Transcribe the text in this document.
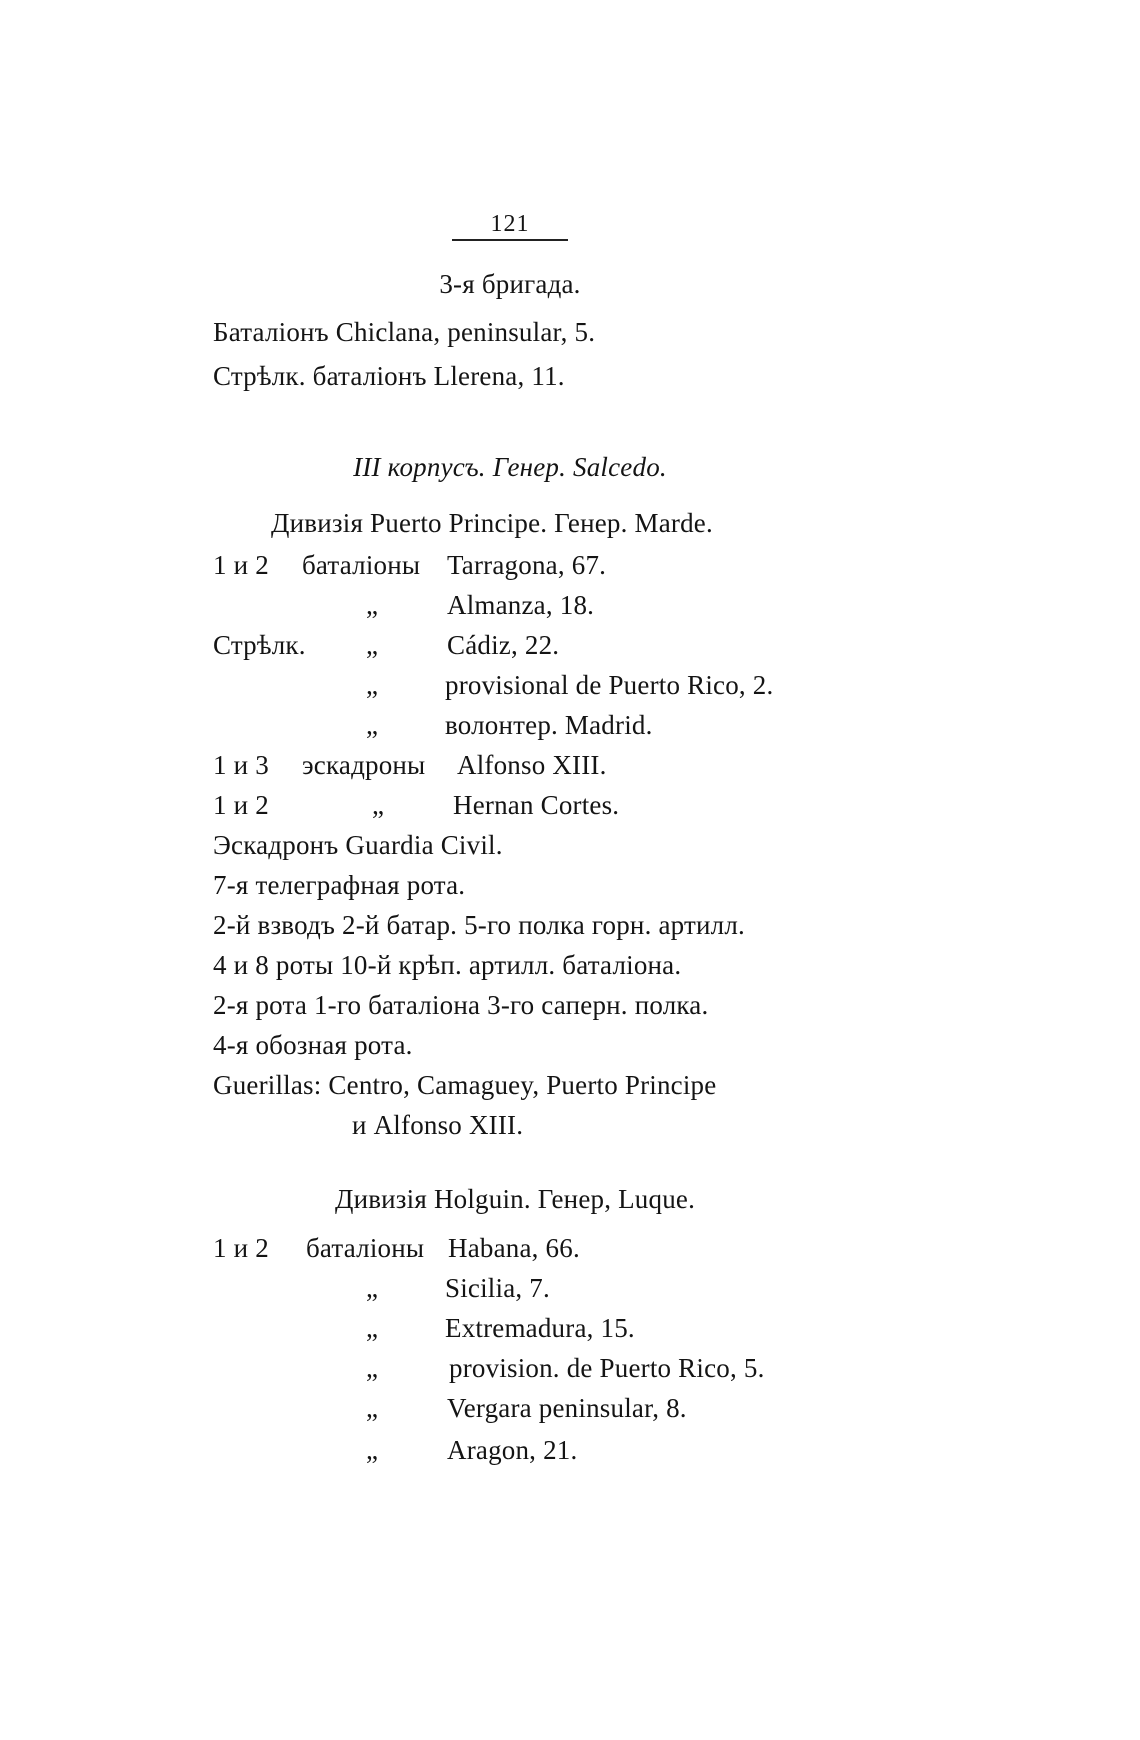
121
3-я бригада.
Баталіонъ Chiclana, peninsular, 5.
Стрѣлк. баталіонъ Llerena, 11.
III корпусъ. Генер. Salcedo.
Дивизія Puerto Principe. Генер. Marde.
1 и 2 баталіоны Tarragona, 67.
„	Almanza, 18.
Стрѣлк. „	Cádiz, 22.
„ provisional de Puerto Rico, 2.
„ волонтер. Madrid.
1 и 3 эскадроны Alfonso XIII.
1 и 2	„	Hernan Cortes.
Эскадронъ Guardia Civil.
7-я телеграфная рота.
2-й взводъ 2-й батар. 5-го полка горн. артилл.
4 и 8 роты 10-й крѣп. артилл. баталіона.
2-я рота 1-го баталіона 3-го саперн. полка.
4-я обозная рота.
Guerillas: Centro, Camaguey, Puerto Principe
и Alfonso XIII.
Дивизія Holguin. Генер, Luque.
1 и 2 баталіоны Habana, 66.
„ Sicilia, 7.
„ Extremadura, 15.
„	provision. de Puerto Rico, 5.
„	Vergara peninsular, 8.
„	Aragon, 21.
